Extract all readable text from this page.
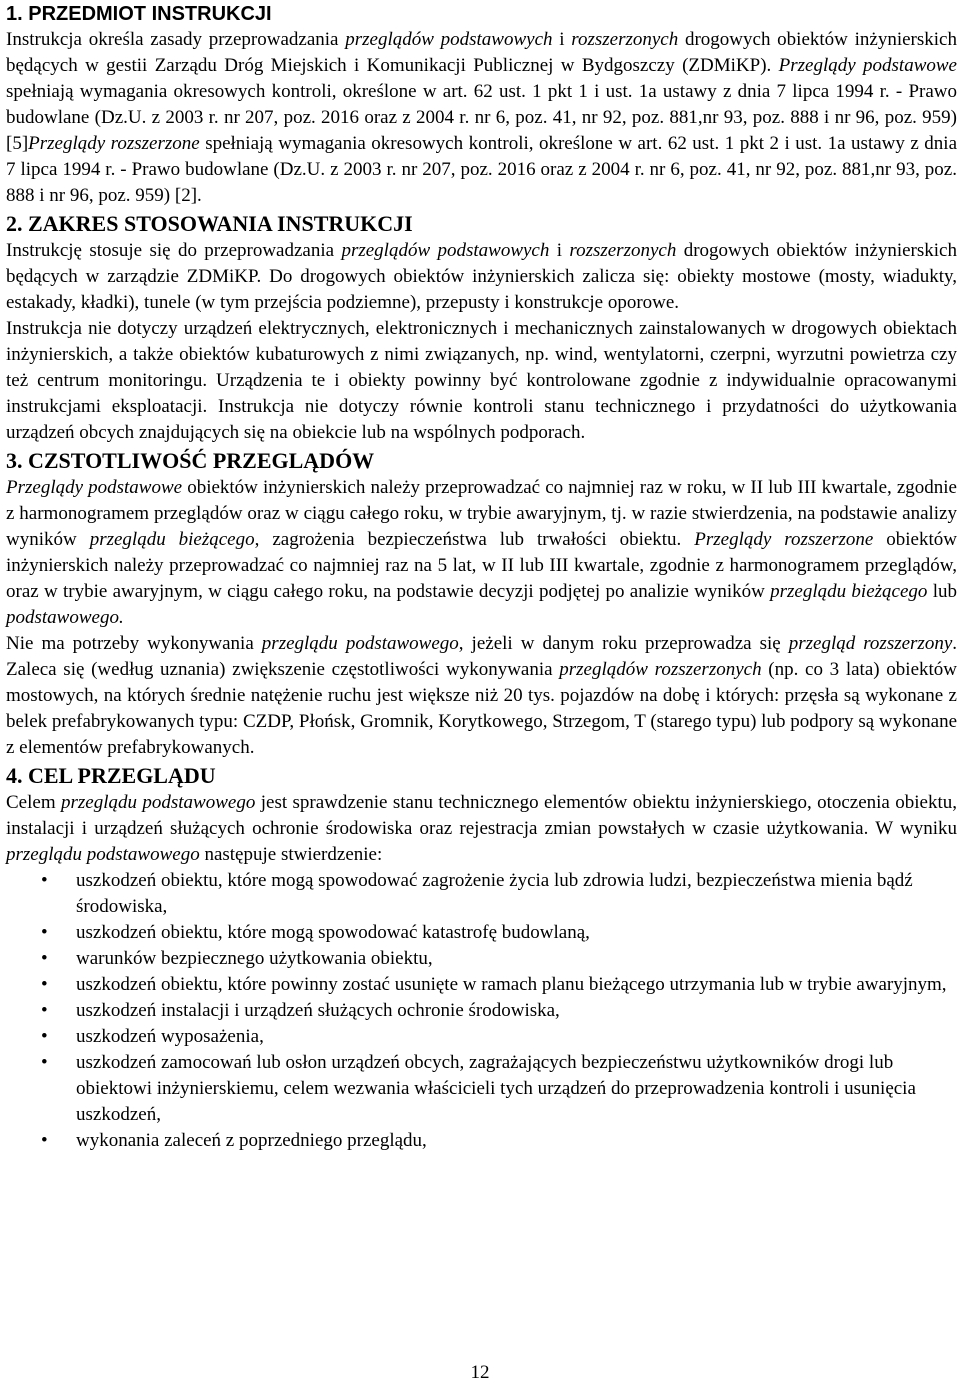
1. PRZEDMIOT INSTRUKCJI

Instrukcja określa zasady przeprowadzania przeglądów podstawowych i rozszerzonych drogowych obiektów inżynierskich będących w gestii Zarządu Dróg Miejskich i Komunikacji Publicznej w Bydgoszczy (ZDMiKP). Przeglądy podstawowe spełniają wymagania okresowych kontroli, określone w art. 62 ust. 1 pkt 1 i ust. 1a ustawy z dnia 7 lipca 1994 r. - Prawo budowlane (Dz.U. z 2003 r. nr 207, poz. 2016 oraz z 2004 r. nr 6, poz. 41, nr 92, poz. 881,nr 93, poz. 888 i nr 96, poz. 959) [5]Przeglądy rozszerzone spełniają wymagania okresowych kontroli, określone w art. 62 ust. 1 pkt 2 i ust. 1a ustawy z dnia 7 lipca 1994 r. - Prawo budowlane (Dz.U. z 2003 r. nr 207, poz. 2016 oraz z 2004 r. nr 6, poz. 41, nr 92, poz. 881,nr 93, poz. 888 i nr 96, poz. 959) [2].

2. ZAKRES STOSOWANIA INSTRUKCJI

Instrukcję stosuje się do przeprowadzania przeglądów podstawowych i rozszerzonych drogowych obiektów inżynierskich będących w zarządzie ZDMiKP. Do drogowych obiektów inżynierskich zalicza się: obiekty mostowe (mosty, wiadukty, estakady, kładki), tunele (w tym przejścia podziemne), przepusty i konstrukcje oporowe.

Instrukcja nie dotyczy urządzeń elektrycznych, elektronicznych i mechanicznych zainstalowanych w drogowych obiektach inżynierskich, a także obiektów kubaturowych z nimi związanych, np. wind, wentylatorni, czerpni, wyrzutni powietrza czy też centrum monitoringu. Urządzenia te i obiekty powinny być kontrolowane zgodnie z indywidualnie opracowanymi instrukcjami eksploatacji. Instrukcja nie dotyczy równie kontroli stanu technicznego i przydatności do użytkowania urządzeń obcych znajdujących się na obiekcie lub na wspólnych podporach.

3. CZSTOTLIWOŚĆ PRZEGLĄDÓW

Przeglądy podstawowe obiektów inżynierskich należy przeprowadzać co najmniej raz w roku, w II lub III kwartale, zgodnie z harmonogramem przeglądów oraz w ciągu całego roku, w trybie awaryjnym, tj. w razie stwierdzenia, na podstawie analizy wyników przeglądu bieżącego, zagrożenia bezpieczeństwa lub trwałości obiektu. Przeglądy rozszerzone obiektów inżynierskich należy przeprowadzać co najmniej raz na 5 lat, w II lub III kwartale, zgodnie z harmonogramem przeglądów, oraz w trybie awaryjnym, w ciągu całego roku, na podstawie decyzji podjętej po analizie wyników przeglądu bieżącego lub podstawowego.

Nie ma potrzeby wykonywania przeglądu podstawowego, jeżeli w danym roku przeprowadza się przegląd rozszerzony. Zaleca się (według uznania) zwiększenie częstotliwości wykonywania przeglądów rozszerzonych (np. co 3 lata) obiektów mostowych, na których średnie natężenie ruchu jest większe niż 20 tys. pojazdów na dobę i których: przęsła są wykonane z belek prefabrykowanych typu: CZDP, Płońsk, Gromnik, Korytkowego, Strzegom, T (starego typu) lub podpory są wykonane z elementów prefabrykowanych.

4. CEL PRZEGLĄDU

Celem przeglądu podstawowego jest sprawdzenie stanu technicznego elementów obiektu inżynierskiego, otoczenia obiektu, instalacji i urządzeń służących ochronie środowiska oraz rejestracja zmian powstałych w czasie użytkowania. W wyniku przeglądu podstawowego następuje stwierdzenie:

• uszkodzeń obiektu, które mogą spowodować zagrożenie życia lub zdrowia ludzi, bezpieczeństwa mienia bądź środowiska,
• uszkodzeń obiektu, które mogą spowodować katastrofę budowlaną,
• warunków bezpiecznego użytkowania obiektu,
• uszkodzeń obiektu, które powinny zostać usunięte w ramach planu bieżącego utrzymania lub w trybie awaryjnym,
• uszkodzeń instalacji i urządzeń służących ochronie środowiska,
• uszkodzeń wyposażenia,
• uszkodzeń zamocowań lub osłon urządzeń obcych, zagrażających bezpieczeństwu użytkowników drogi lub obiektowi inżynierskiemu, celem wezwania właścicieli tych urządzeń do przeprowadzenia kontroli i usunięcia uszkodzeń,
• wykonania zaleceń z poprzedniego przeglądu,
12
